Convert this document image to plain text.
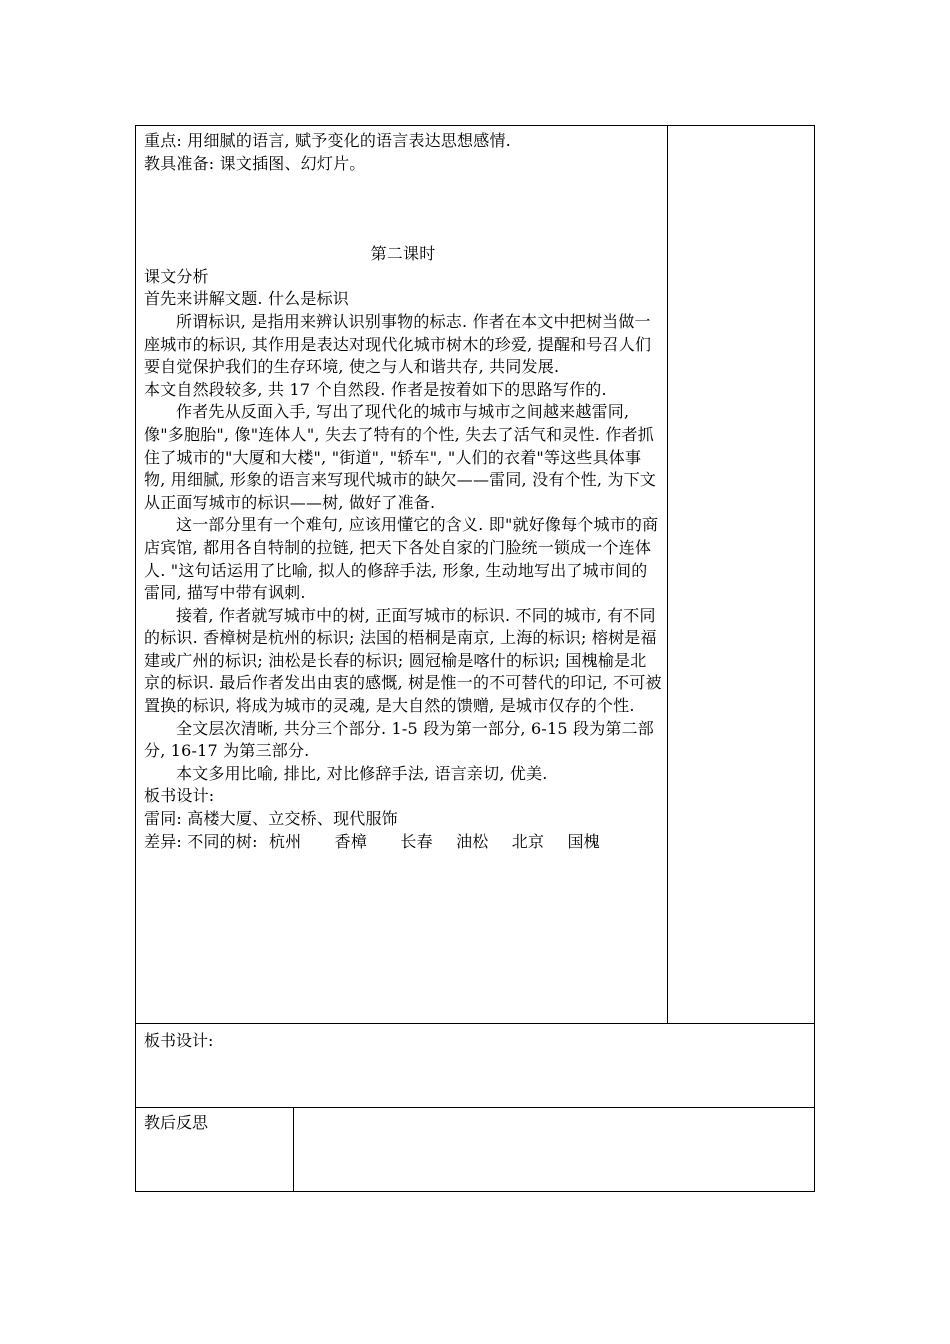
重点: 用细腻的语言, 赋予变化的语言表达思想感情.

教具准备: 课文插图、幻灯片。

第二课时

课文分析

首先来讲解文题. 什么是标识

所谓标识, 是指用来辨认识别事物的标志. 作者在本文中把树当做一座城市的标识, 其作用是表达对现代化城市树木的珍爱, 提醒和号召人们要自觉保护我们的生存环境, 使之与人和谐共存, 共同发展.

本文自然段较多, 共 17 个自然段. 作者是按着如下的思路写作的.

作者先从反面入手, 写出了现代化的城市与城市之间越来越雷同, 像"多胞胎", 像"连体人", 失去了特有的个性, 失去了活气和灵性. 作者抓住了城市的"大厦和大楼", "街道", "轿车", "人们的衣着"等这些具体事物, 用细腻, 形象的语言来写现代城市的缺欠——雷同, 没有个性, 为下文从正面写城市的标识——树, 做好了准备.

这一部分里有一个难句, 应该用懂它的含义. 即"就好像每个城市的商店宾馆, 都用各自特制的拉链, 把天下各处自家的门脸统一锁成一个连体人. "这句话运用了比喻, 拟人的修辞手法, 形象, 生动地写出了城市间的雷同, 描写中带有讽刺.

接着, 作者就写城市中的树, 正面写城市的标识. 不同的城市, 有不同的标识. 香樟树是杭州的标识; 法国的梧桐是南京, 上海的标识; 榕树是福建或广州的标识; 油松是长春的标识; 圆冠榆是喀什的标识; 国槐榆是北京的标识. 最后作者发出由衷的感慨, 树是惟一的不可替代的印记, 不可被置换的标识, 将成为城市的灵魂, 是大自然的馈赠, 是城市仅存的个性.

全文层次清晰, 共分三个部分. 1-5 段为第一部分, 6-15 段为第二部分, 16-17 为第三部分.

本文多用比喻, 排比, 对比修辞手法, 语言亲切, 优美.

板书设计:

雷同: 高楼大厦、立交桥、现代服饰

差异: 不同的树: 杭州 香樟 长春 油松 北京 国槐

板书设计:
教后反思
